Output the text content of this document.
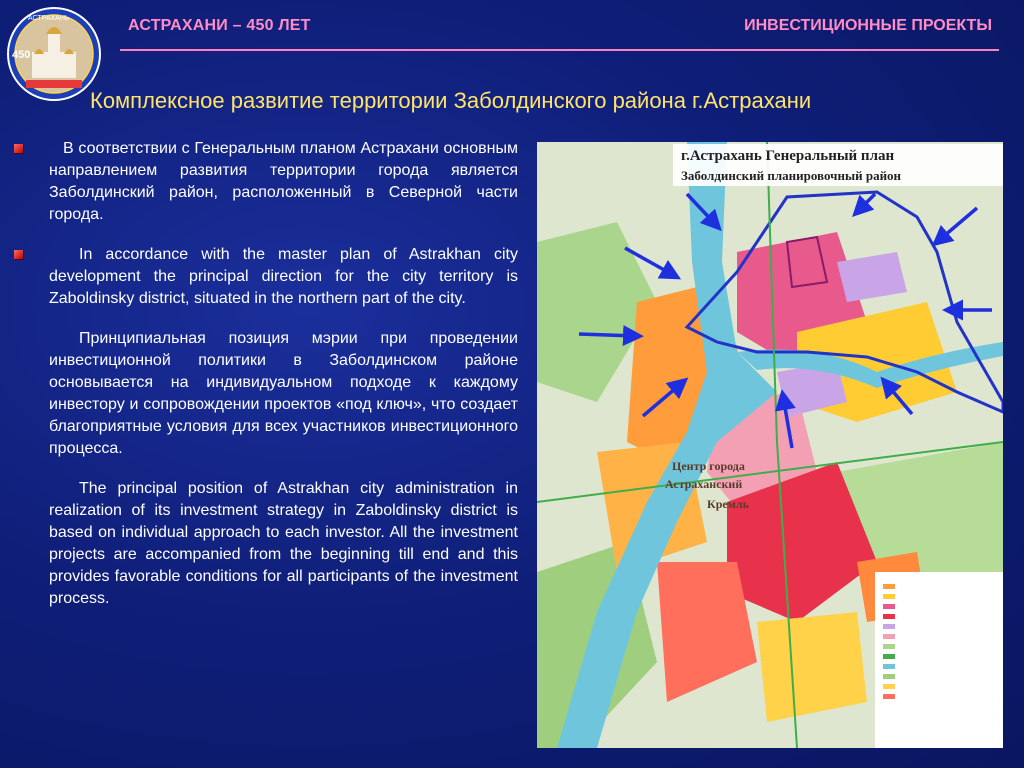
450
АСТРАХАНЬ	АСТРАХАНИ – 450 ЛЕТ	ИНВЕСТИЦИОННЫЕ ПРОЕКТЫ
Комплексное развитие территории Заболдинского района г.Астрахани
В соответствии с Генеральным планом Астрахани основным направлением развития территории города является Заболдинский район, расположенный в Северной части города.
In accordance with the master plan of Astrakhan city development the principal direction for the city territory is Zaboldinsky district, situated in the northern part of the city.
Принципиальная позиция мэрии при проведении инвестиционной политики в Заболдинском районе основывается на индивидуальном подходе к каждому инвестору и сопровождении проектов «под ключ», что создает благоприятные условия для всех участников инвестиционного процесса.
The principal position of Astrakhan city administration in realization of its investment strategy in Zaboldinsky district is based on individual approach to each investor. All the investment projects are accompanied from the beginning till end and this provides favorable conditions for all participants of the investment process.
г.Астрахань Генеральный план
Заболдинский планировочный район
Центр города
Астраханский
Кремль
